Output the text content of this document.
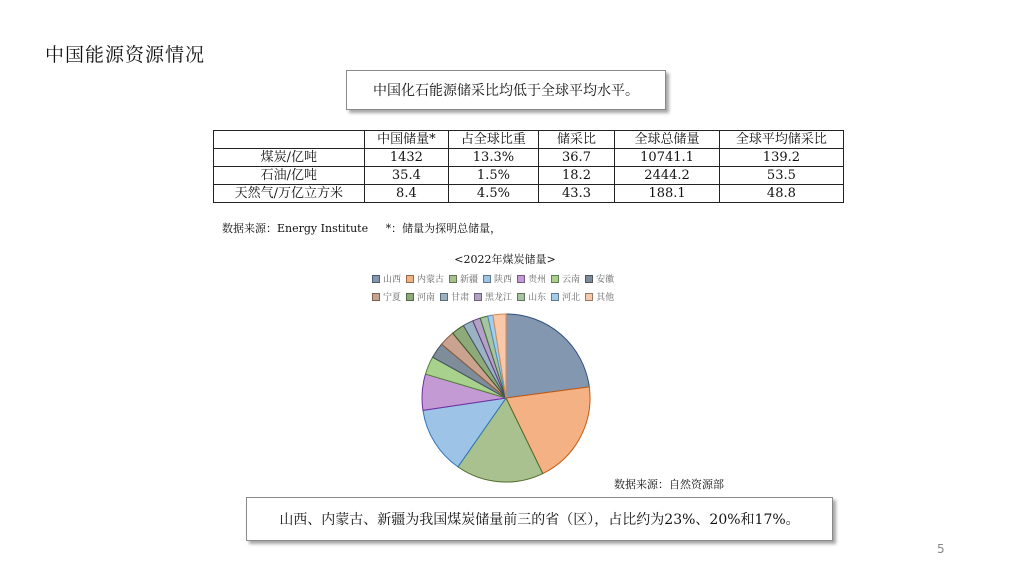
中国能源资源情况
中国化石能源储采比均低于全球平均水平。
	中国储量*	占全球比重	储采比	全球总储量	全球平均储采比
煤炭/亿吨	1432	13.3%	36.7	10741.1	139.2
石油/亿吨	35.4	1.5%	18.2	2444.2	53.5
天然气/万亿立方米	8.4	4.5%	43.3	188.1	48.8
数据来源：Energy Institute     *：储量为探明总储量，
<2022年煤炭储量>
山西 内蒙古 新疆 陕西 贵州 云南 安徽
宁夏 河南 甘肃 黑龙江 山东 河北 其他
数据来源：自然资源部
山西、内蒙古、新疆为我国煤炭储量前三的省（区），占比约为23%、20%和17%。
5
